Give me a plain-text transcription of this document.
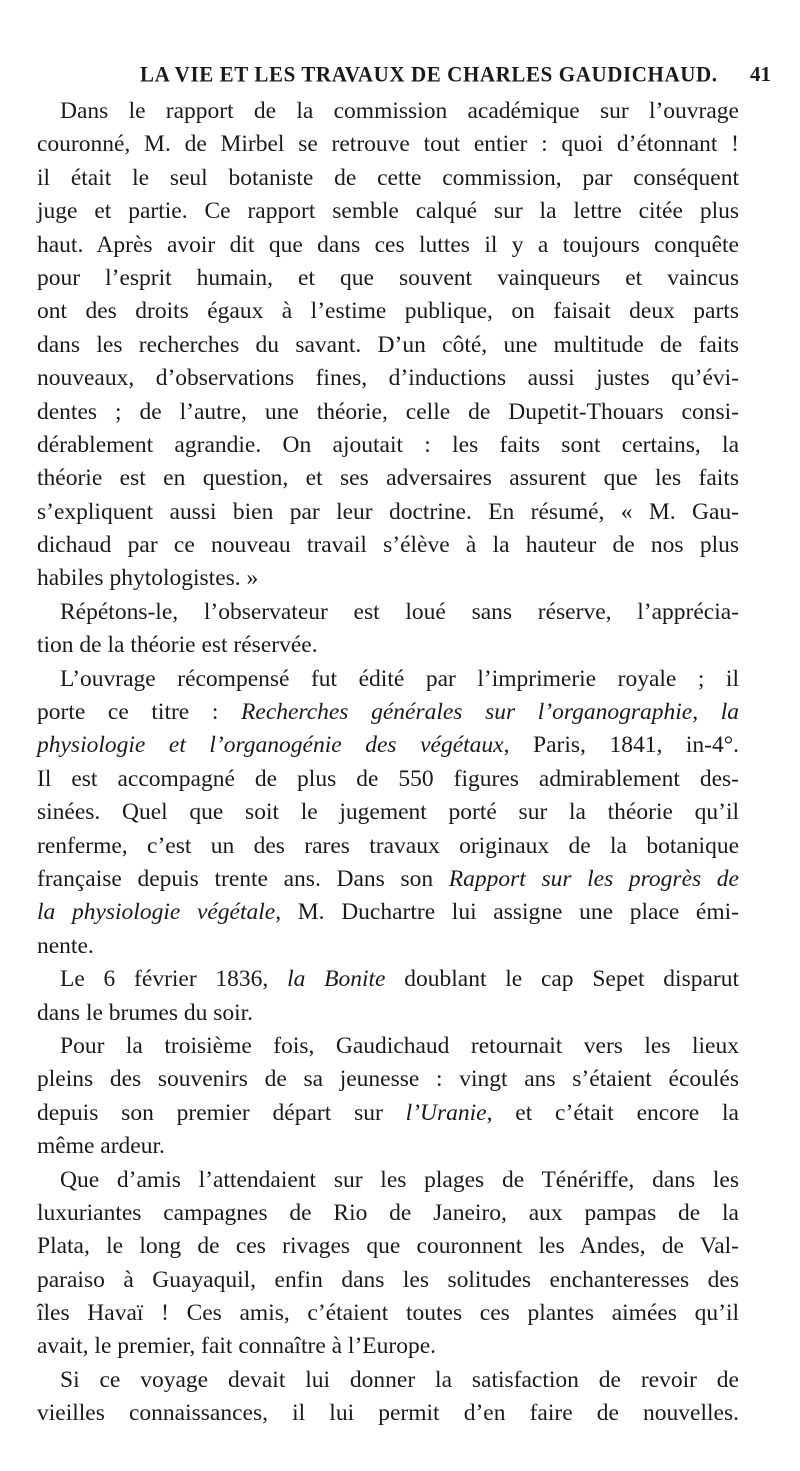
LA VIE ET LES TRAVAUX DE CHARLES GAUDICHAUD. 41
Dans le rapport de la commission académique sur l’ouvrage
couronné, M. de Mirbel se retrouve tout entier : quoi d’étonnant !
il était le seul botaniste de cette commission, par conséquent
juge et partie. Ce rapport semble calqué sur la lettre citée plus
haut. Après avoir dit que dans ces luttes il y a toujours conquête
pour l’esprit humain, et que souvent vainqueurs et vaincus
ont des droits égaux à l’estime publique, on faisait deux parts
dans les recherches du savant. D’un côté, une multitude de faits
nouveaux, d’observations fines, d’inductions aussi justes qu’évi-
dentes ; de l’autre, une théorie, celle de Dupetit-Thouars consi-
dérablement agrandie. On ajoutait : les faits sont certains, la
théorie est en question, et ses adversaires assurent que les faits
s’expliquent aussi bien par leur doctrine. En résumé, « M. Gau-
dichaud par ce nouveau travail s’élève à la hauteur de nos plus
habiles phytologistes. »
Répétons-le, l’observateur est loué sans réserve, l’apprécia-
tion de la théorie est réservée.
L’ouvrage récompensé fut édité par l’imprimerie royale ; il
porte ce titre : Recherches générales sur l’organographie, la
physiologie et l’organogénie des végétaux, Paris, 1841, in-4°.
Il est accompagné de plus de 550 figures admirablement des-
sinées. Quel que soit le jugement porté sur la théorie qu’il
renferme, c’est un des rares travaux originaux de la botanique
française depuis trente ans. Dans son Rapport sur les progrès de
la physiologie végétale, M. Duchartre lui assigne une place émi-
nente.
Le 6 février 1836, la Bonite doublant le cap Sepet disparut
dans le brumes du soir.
Pour la troisième fois, Gaudichaud retournait vers les lieux
pleins des souvenirs de sa jeunesse : vingt ans s’étaient écoulés
depuis son premier départ sur l’Uranie, et c’était encore la
même ardeur.
Que d’amis l’attendaient sur les plages de Ténériffe, dans les
luxuriantes campagnes de Rio de Janeiro, aux pampas de la
Plata, le long de ces rivages que couronnent les Andes, de Val-
paraiso à Guayaquil, enfin dans les solitudes enchanteresses des
îles Havaï ! Ces amis, c’étaient toutes ces plantes aimées qu’il
avait, le premier, fait connaître à l’Europe.
Si ce voyage devait lui donner la satisfaction de revoir de
vieilles connaissances, il lui permit d’en faire de nouvelles.
